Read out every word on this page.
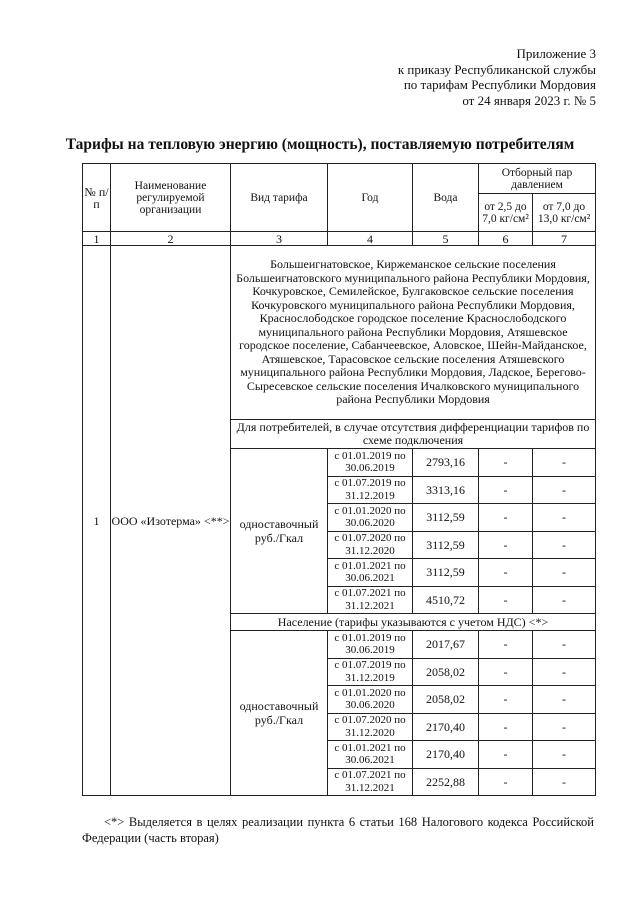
Приложение 3
к приказу Республиканской службы
по тарифам Республики Мордовия
от 24 января 2023 г. № 5
Тарифы на тепловую энергию (мощность), поставляемую потребителям
№ п/п	Наименование регулируемой организации	Вид тарифа	Год	Вода	Отборный пар давлением	
					от 2,5 до 7,0 кг/см²	от 7,0 до 13,0 кг/см²
1	2	3	4	5	6	7
1	ООО «Изотерма» <**>	Большеигнатовское, Киржеманское сельские поселения Большеигнатовского муниципального района Республики Мордовия, Кочкуровское, Семилейское, Булгаковское сельские поселения Кочкуровского муниципального района Республики Мордовия, Краснослободское городское поселение Краснослободского муниципального района Республики Мордовия, Атяшевское городское поселение, Сабанчеевское, Аловское, Шейн-Майданское, Атяшевское, Тарасовское сельские поселения Атяшевского муниципального района Республики Мордовия, Ладское, Берегово-Сыресевское сельские поселения Ичалковского муниципального района Республики Мордовия				
		Для потребителей, в случае отсутствия дифференциации тарифов по схеме подключения				
		одноставочный руб./Гкал	с 01.01.2019 по 30.06.2019	2793,16	-	-
			с 01.07.2019 по 31.12.2019	3313,16	-	-
			с 01.01.2020 по 30.06.2020	3112,59	-	-
			с 01.07.2020 по 31.12.2020	3112,59	-	-
			с 01.01.2021 по 30.06.2021	3112,59	-	-
			с 01.07.2021 по 31.12.2021	4510,72	-	-
		Население (тарифы указываются с учетом НДС) <*>				
		одноставочный руб./Гкал	с 01.01.2019 по 30.06.2019	2017,67	-	-
			с 01.07.2019 по 31.12.2019	2058,02	-	-
			с 01.01.2020 по 30.06.2020	2058,02	-	-
			с 01.07.2020 по 31.12.2020	2170,40	-	-
			с 01.01.2021 по 30.06.2021	2170,40	-	-
			с 01.07.2021 по 31.12.2021	2252,88	-	-
<*> Выделяется в целях реализации пункта 6 статьи 168 Налогового кодекса Российской Федерации (часть вторая)
